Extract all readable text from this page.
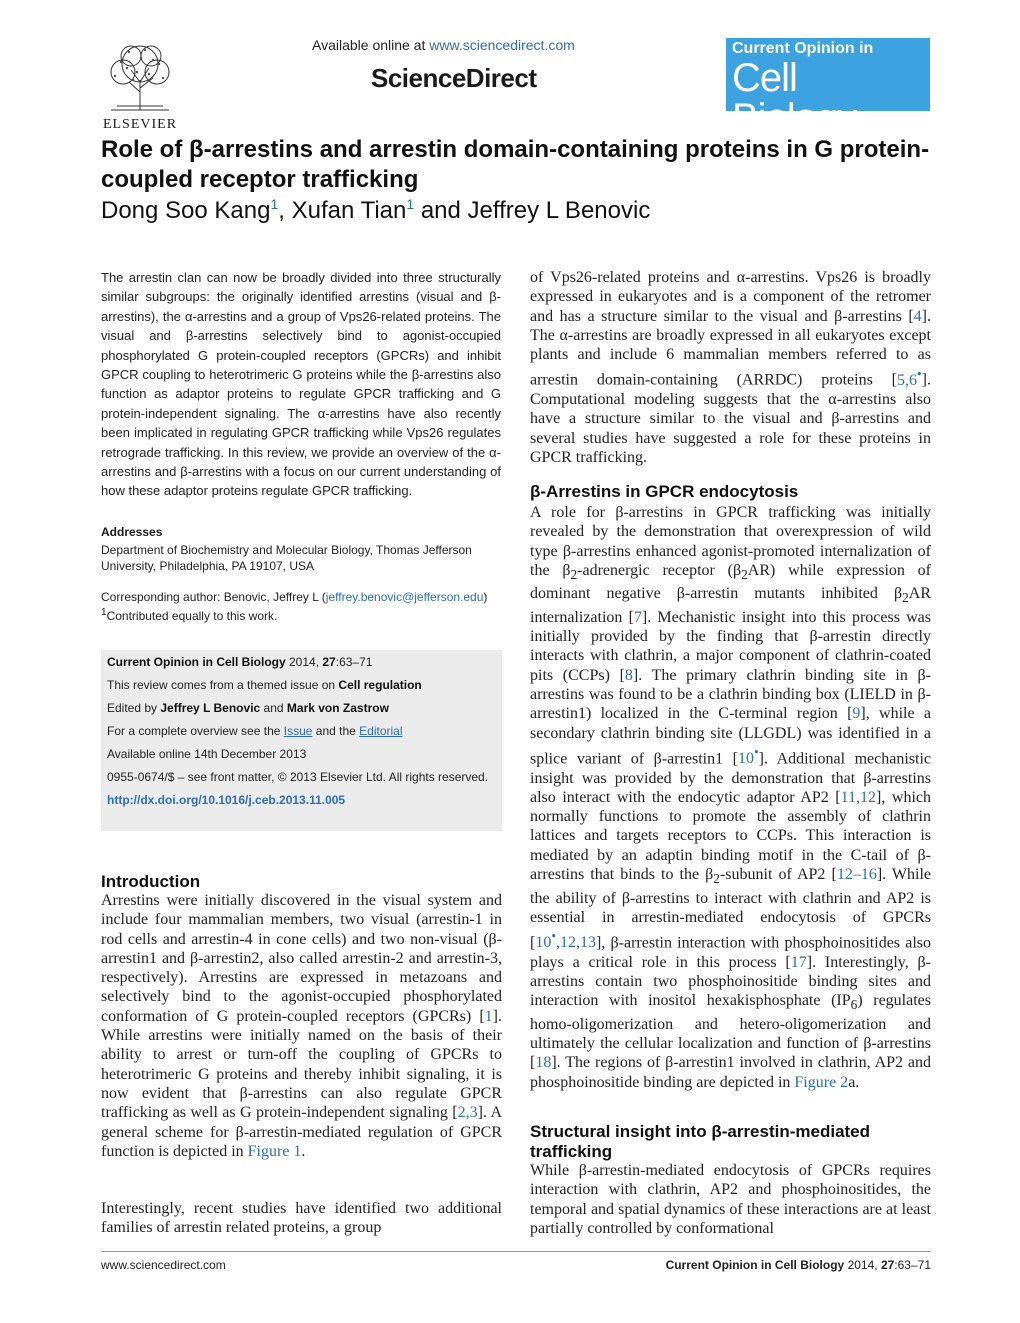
ELSEVIER
Available online at www.sciencedirect.com
ScienceDirect
Current Opinion in
Cell Biology
Role of β-arrestins and arrestin domain-containing proteins in G protein-coupled receptor trafficking
Dong Soo Kang$^1$, Xufan Tian$^1$ and Jeffrey L Benovic
The arrestin clan can now be broadly divided into three structurally similar subgroups: the originally identified arrestins (visual and β-arrestins), the α-arrestins and a group of Vps26-related proteins. The visual and β-arrestins selectively bind to agonist-occupied phosphorylated G protein-coupled receptors (GPCRs) and inhibit GPCR coupling to heterotrimeric G proteins while the β-arrestins also function as adaptor proteins to regulate GPCR trafficking and G protein-independent signaling. The α-arrestins have also recently been implicated in regulating GPCR trafficking while Vps26 regulates retrograde trafficking. In this review, we provide an overview of the α-arrestins and β-arrestins with a focus on our current understanding of how these adaptor proteins regulate GPCR trafficking.
Addresses
Department of Biochemistry and Molecular Biology, Thomas Jefferson University, Philadelphia, PA 19107, USA
Corresponding author: Benovic, Jeffrey L (jeffrey.benovic@jefferson.edu)
$^1$Contributed equally to this work.

Current Opinion in Cell Biology 2014, 27:63–71

This review comes from a themed issue on Cell regulation

Edited by Jeffrey L Benovic and Mark von Zastrow

For a complete overview see the Issue and the Editorial

Available online 14th December 2013

0955-0674/$ – see front matter, © 2013 Elsevier Ltd. All rights reserved.

http://dx.doi.org/10.1016/j.ceb.2013.11.005

Introduction
Arrestins were initially discovered in the visual system and include four mammalian members, two visual (arrestin-1 in rod cells and arrestin-4 in cone cells) and two non-visual (β-arrestin1 and β-arrestin2, also called arrestin-2 and arrestin-3, respectively). Arrestins are expressed in metazoans and selectively bind to the agonist-occupied phosphorylated conformation of G protein-coupled receptors (GPCRs) [1]. While arrestins were initially named on the basis of their ability to arrest or turn-off the coupling of GPCRs to heterotrimeric G proteins and thereby inhibit signaling, it is now evident that β-arrestins can also regulate GPCR trafficking as well as G protein-independent signaling [2,3]. A general scheme for β-arrestin-mediated regulation of GPCR function is depicted in Figure 1.
Interestingly, recent studies have identified two additional families of arrestin related proteins, a group
of Vps26-related proteins and α-arrestins. Vps26 is broadly expressed in eukaryotes and is a component of the retromer and has a structure similar to the visual and β-arrestins [4]. The α-arrestins are broadly expressed in all eukaryotes except plants and include 6 mammalian members referred to as arrestin domain-containing (ARRDC) proteins [5,6•]. Computational modeling suggests that the α-arrestins also have a structure similar to the visual and β-arrestins and several studies have suggested a role for these proteins in GPCR trafficking.
β-Arrestins in GPCR endocytosis
A role for β-arrestins in GPCR trafficking was initially revealed by the demonstration that overexpression of wild type β-arrestins enhanced agonist-promoted internalization of the $\beta_2$-adrenergic receptor $(\beta_2AR)$ while expression of dominant negative β-arrestin mutants inhibited $\beta_2AR$ internalization [7]. Mechanistic insight into this process was initially provided by the finding that β-arrestin directly interacts with clathrin, a major component of clathrin-coated pits (CCPs) [8]. The primary clathrin binding site in β-arrestins was found to be a clathrin binding box (LIELD in β-arrestin1) localized in the C-terminal region [9], while a secondary clathrin binding site (LLGDL) was identified in a splice variant of β-arrestin1 [10•]. Additional mechanistic insight was provided by the demonstration that β-arrestins also interact with the endocytic adaptor AP2 [11,12], which normally functions to promote the assembly of clathrin lattices and targets receptors to CCPs. This interaction is mediated by an adaptin binding motif in the C-tail of β-arrestins that binds to the $\beta_2$-subunit of AP2 [12–16]. While the ability of β-arrestins to interact with clathrin and AP2 is essential in arrestin-mediated endocytosis of GPCRs [10•,12,13], β-arrestin interaction with phosphoinositides also plays a critical role in this process [17]. Interestingly, β-arrestins contain two phosphoinositide binding sites and interaction with inositol hexakisphosphate $(IP_6)$ regulates homo-oligomerization and hetero-oligomerization and ultimately the cellular localization and function of β-arrestins [18]. The regions of β-arrestin1 involved in clathrin, AP2 and phosphoinositide binding are depicted in Figure 2a.
Structural insight into β-arrestin-mediated trafficking
While β-arrestin-mediated endocytosis of GPCRs requires interaction with clathrin, AP2 and phosphoinositides, the temporal and spatial dynamics of these interactions are at least partially controlled by conformational
www.sciencedirect.com	Current Opinion in Cell Biology 2014, 27:63–71
